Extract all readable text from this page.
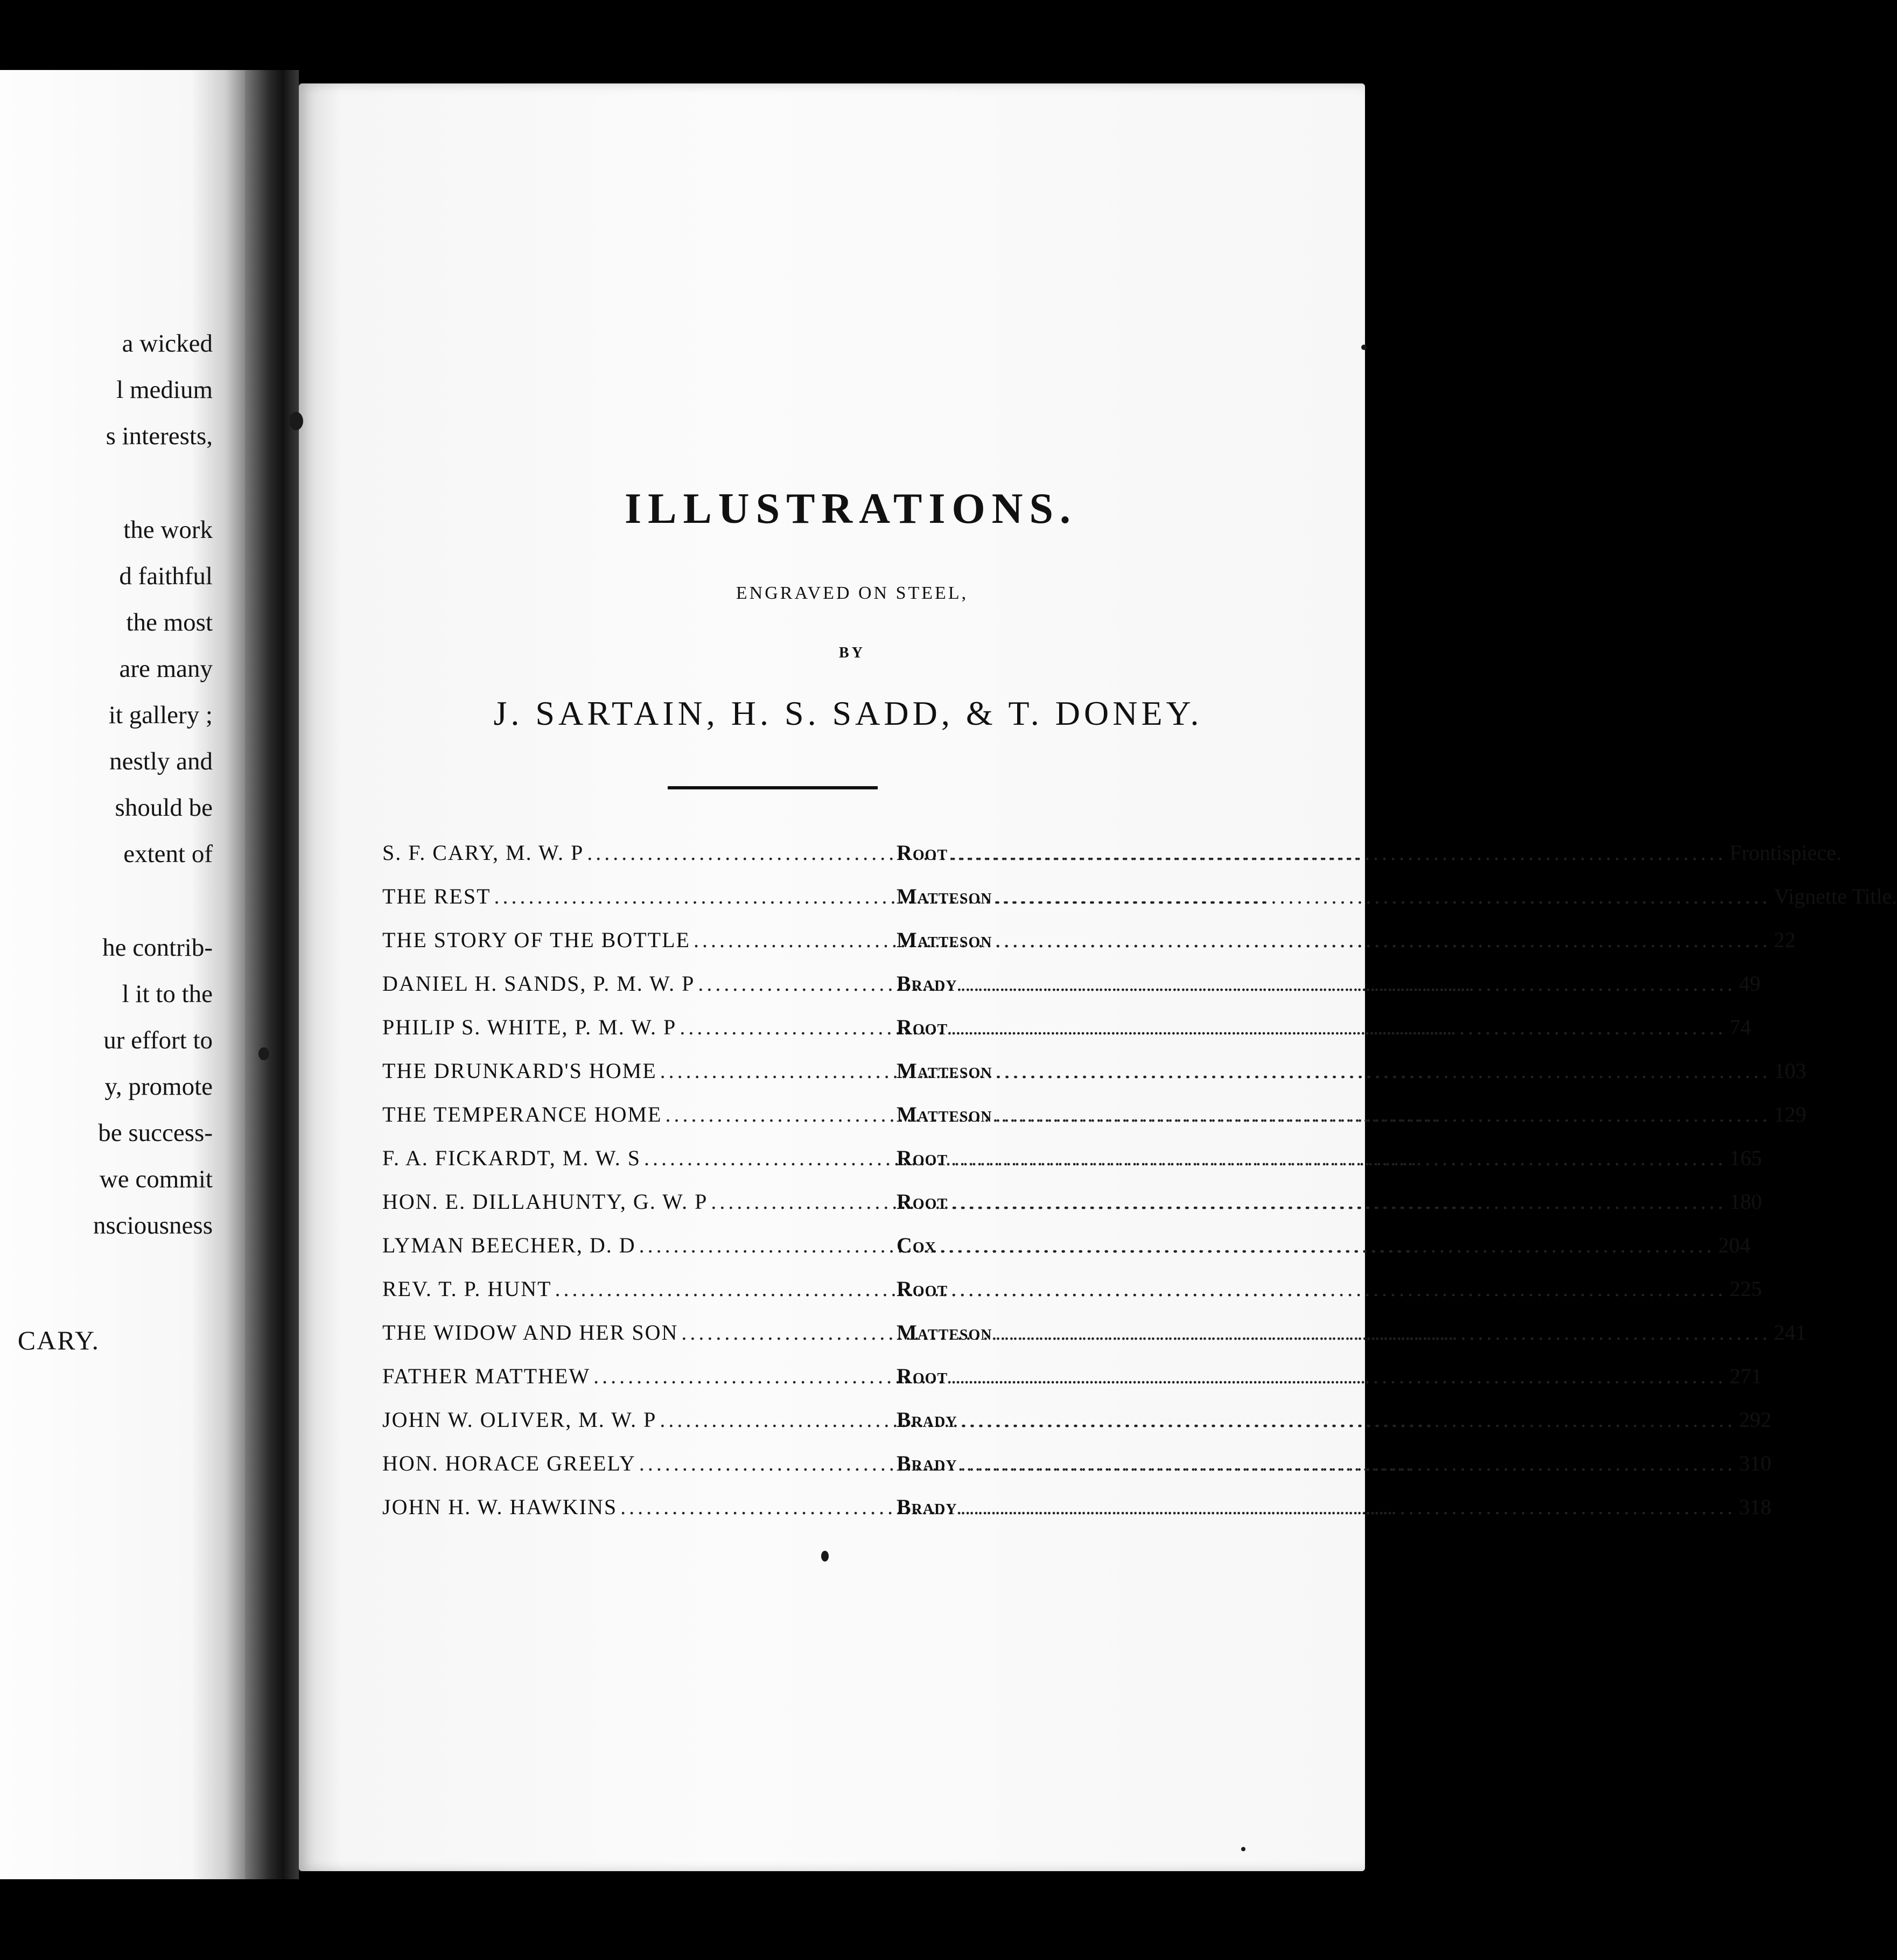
a wicked

l medium

s interests,

the work

d faithful

the most

are many

it gallery ;

nestly and

should be

extent of

he contrib-

l it to the

ur effort to

y, promote

be success-

we commit

nsciousness

CARY.

ILLUSTRATIONS.

ENGRAVED ON STEEL,

BY

J. SARTAIN, H. S. SADD, & T. DONEY.

S. F. CARY, M. W. P .....	Root .....	Frontispiece.
THE REST .....	Matteson .....	Vignette Title.
THE STORY OF THE BOTTLE .....	Matteson .....	22
DANIEL H. SANDS, P. M. W. P .....	Brady .....	49
PHILIP S. WHITE, P. M. W. P .....	Root .....	74
THE DRUNKARD'S HOME .....	Matteson .....	103
THE TEMPERANCE HOME .....	Matteson .....	129
F. A. FICKARDT, M. W. S .....	Root .....	165
HON. E. DILLAHUNTY, G. W. P .....	Root .....	180
LYMAN BEECHER, D. D .....	Cox .....	204
REV. T. P. HUNT .....	Root .....	225
THE WIDOW AND HER SON .....	Matteson .....	241
FATHER MATTHEW .....	Root .....	271
JOHN W. OLIVER, M. W. P .....	Brady .....	292
HON. HORACE GREELY .....	Brady .....	310
JOHN H. W. HAWKINS .....	Brady .....	318
